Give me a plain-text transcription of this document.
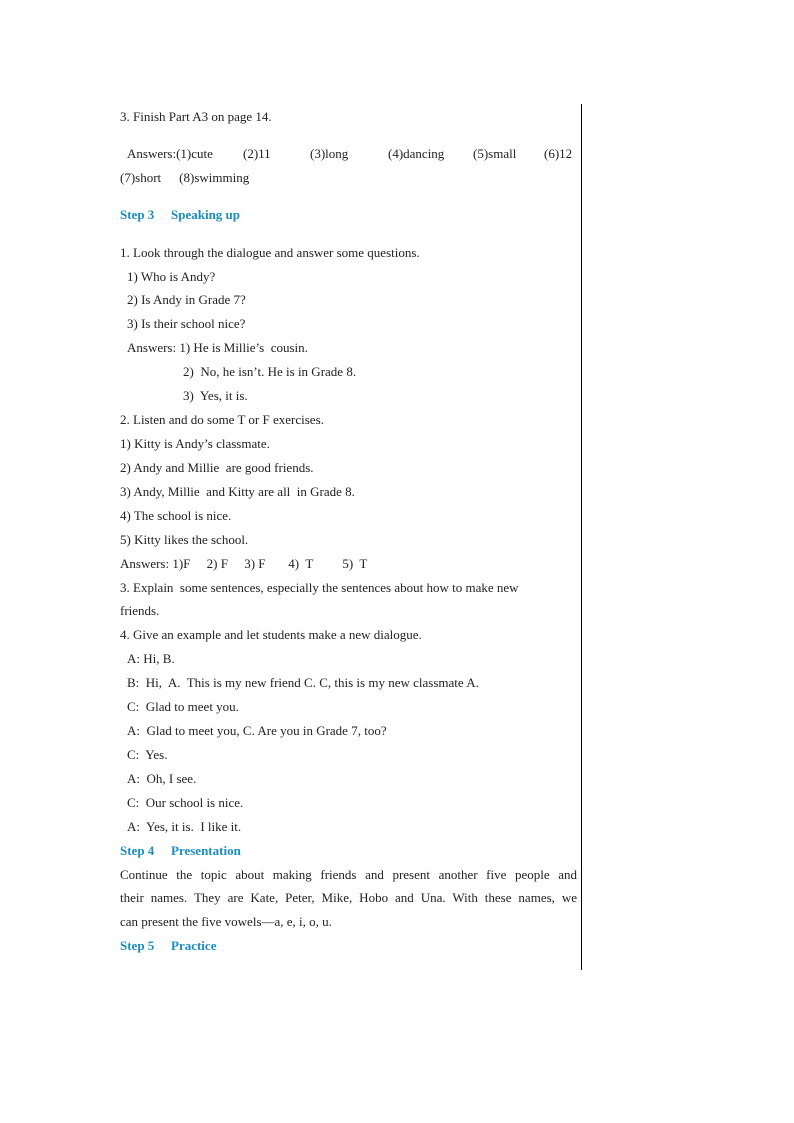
3. Finish Part A3 on page 14.
Answers:(1)cute (2)11	(3)long	(4)dancing (5)small (6)12
(7)short (8)swimming
Step 3 Speaking up
1. Look through the dialogue and answer some questions.
1) Who is Andy?
2) Is Andy in Grade 7?
3) Is their school nice?
Answers: 1) He is Millie’s  cousin.
2)  No, he isn’t. He is in Grade 8.
3)  Yes, it is.
2. Listen and do some T or F exercises.
1) Kitty is Andy’s classmate.
2) Andy and Millie  are good friends.
3) Andy, Millie  and Kitty are all  in Grade 8.
4) The school is nice.
5) Kitty likes the school.
Answers: 1)F     2) F     3) F       4)  T         5)  T
3. Explain  some sentences, especially the sentences about how to make new
friends.
4. Give an example and let students make a new dialogue.
A: Hi, B.
B:  Hi,  A.  This is my new friend C. C, this is my new classmate A.
C:  Glad to meet you.
A:  Glad to meet you, C. Are you in Grade 7, too?
C:  Yes.
A:  Oh, I see.
C:  Our school is nice.
A:  Yes, it is.  I like it.
Step 4 Presentation
Continue the topic about making friends and present another five people and
their names. They are Kate, Peter, Mike, Hobo and Una. With these names, we
can present the five vowels—a, e, i, o, u.
Step 5 Practice
